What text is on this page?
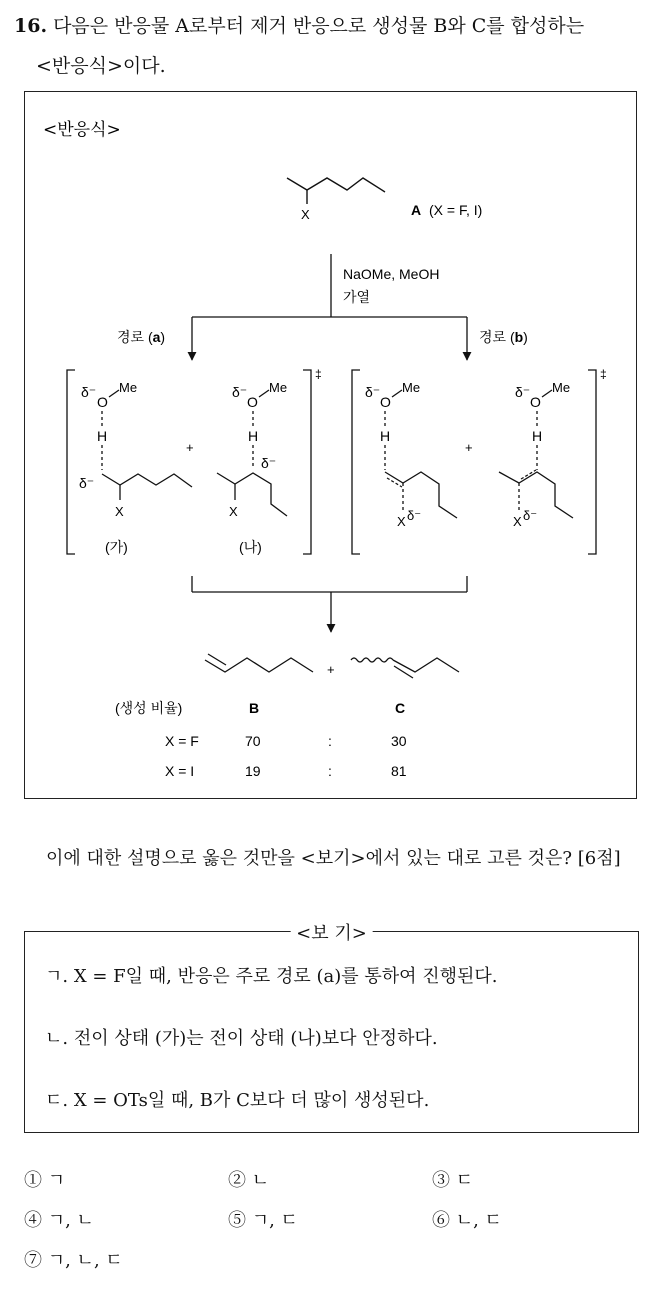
16. 다음은 반응물 A로부터 제거 반응으로 생성물 B와 C를 합성하는
<반응식>이다.
<반응식>
X	A (X = F, I)
NaOMe, MeOH
가열
경로 (a)	경로 (b)
‡	‡
δ⁻
O
Me
H
δ⁻
X
(가)
+
δ⁻
O
Me
H
δ⁻
X
(나)
δ⁻
O
Me
H
X δ⁻
+
δ⁻
O
Me
H
X δ⁻
+
(생성 비율)	B	C
X = F	70	:	30
X = I	19	:	81
이에 대한 설명으로 옳은 것만을 <보기>에서 있는 대로 고른 것은? [6점]
<보 기>
ㄱ. X = F일 때, 반응은 주로 경로 (a)를 통하여 진행된다.
ㄴ. 전이 상태 (가)는 전이 상태 (나)보다 안정하다.
ㄷ. X = OTs일 때, B가 C보다 더 많이 생성된다.
① ㄱ	② ㄴ	③ ㄷ
④ ㄱ, ㄴ	⑤ ㄱ, ㄷ	⑥ ㄴ, ㄷ
⑦ ㄱ, ㄴ, ㄷ
